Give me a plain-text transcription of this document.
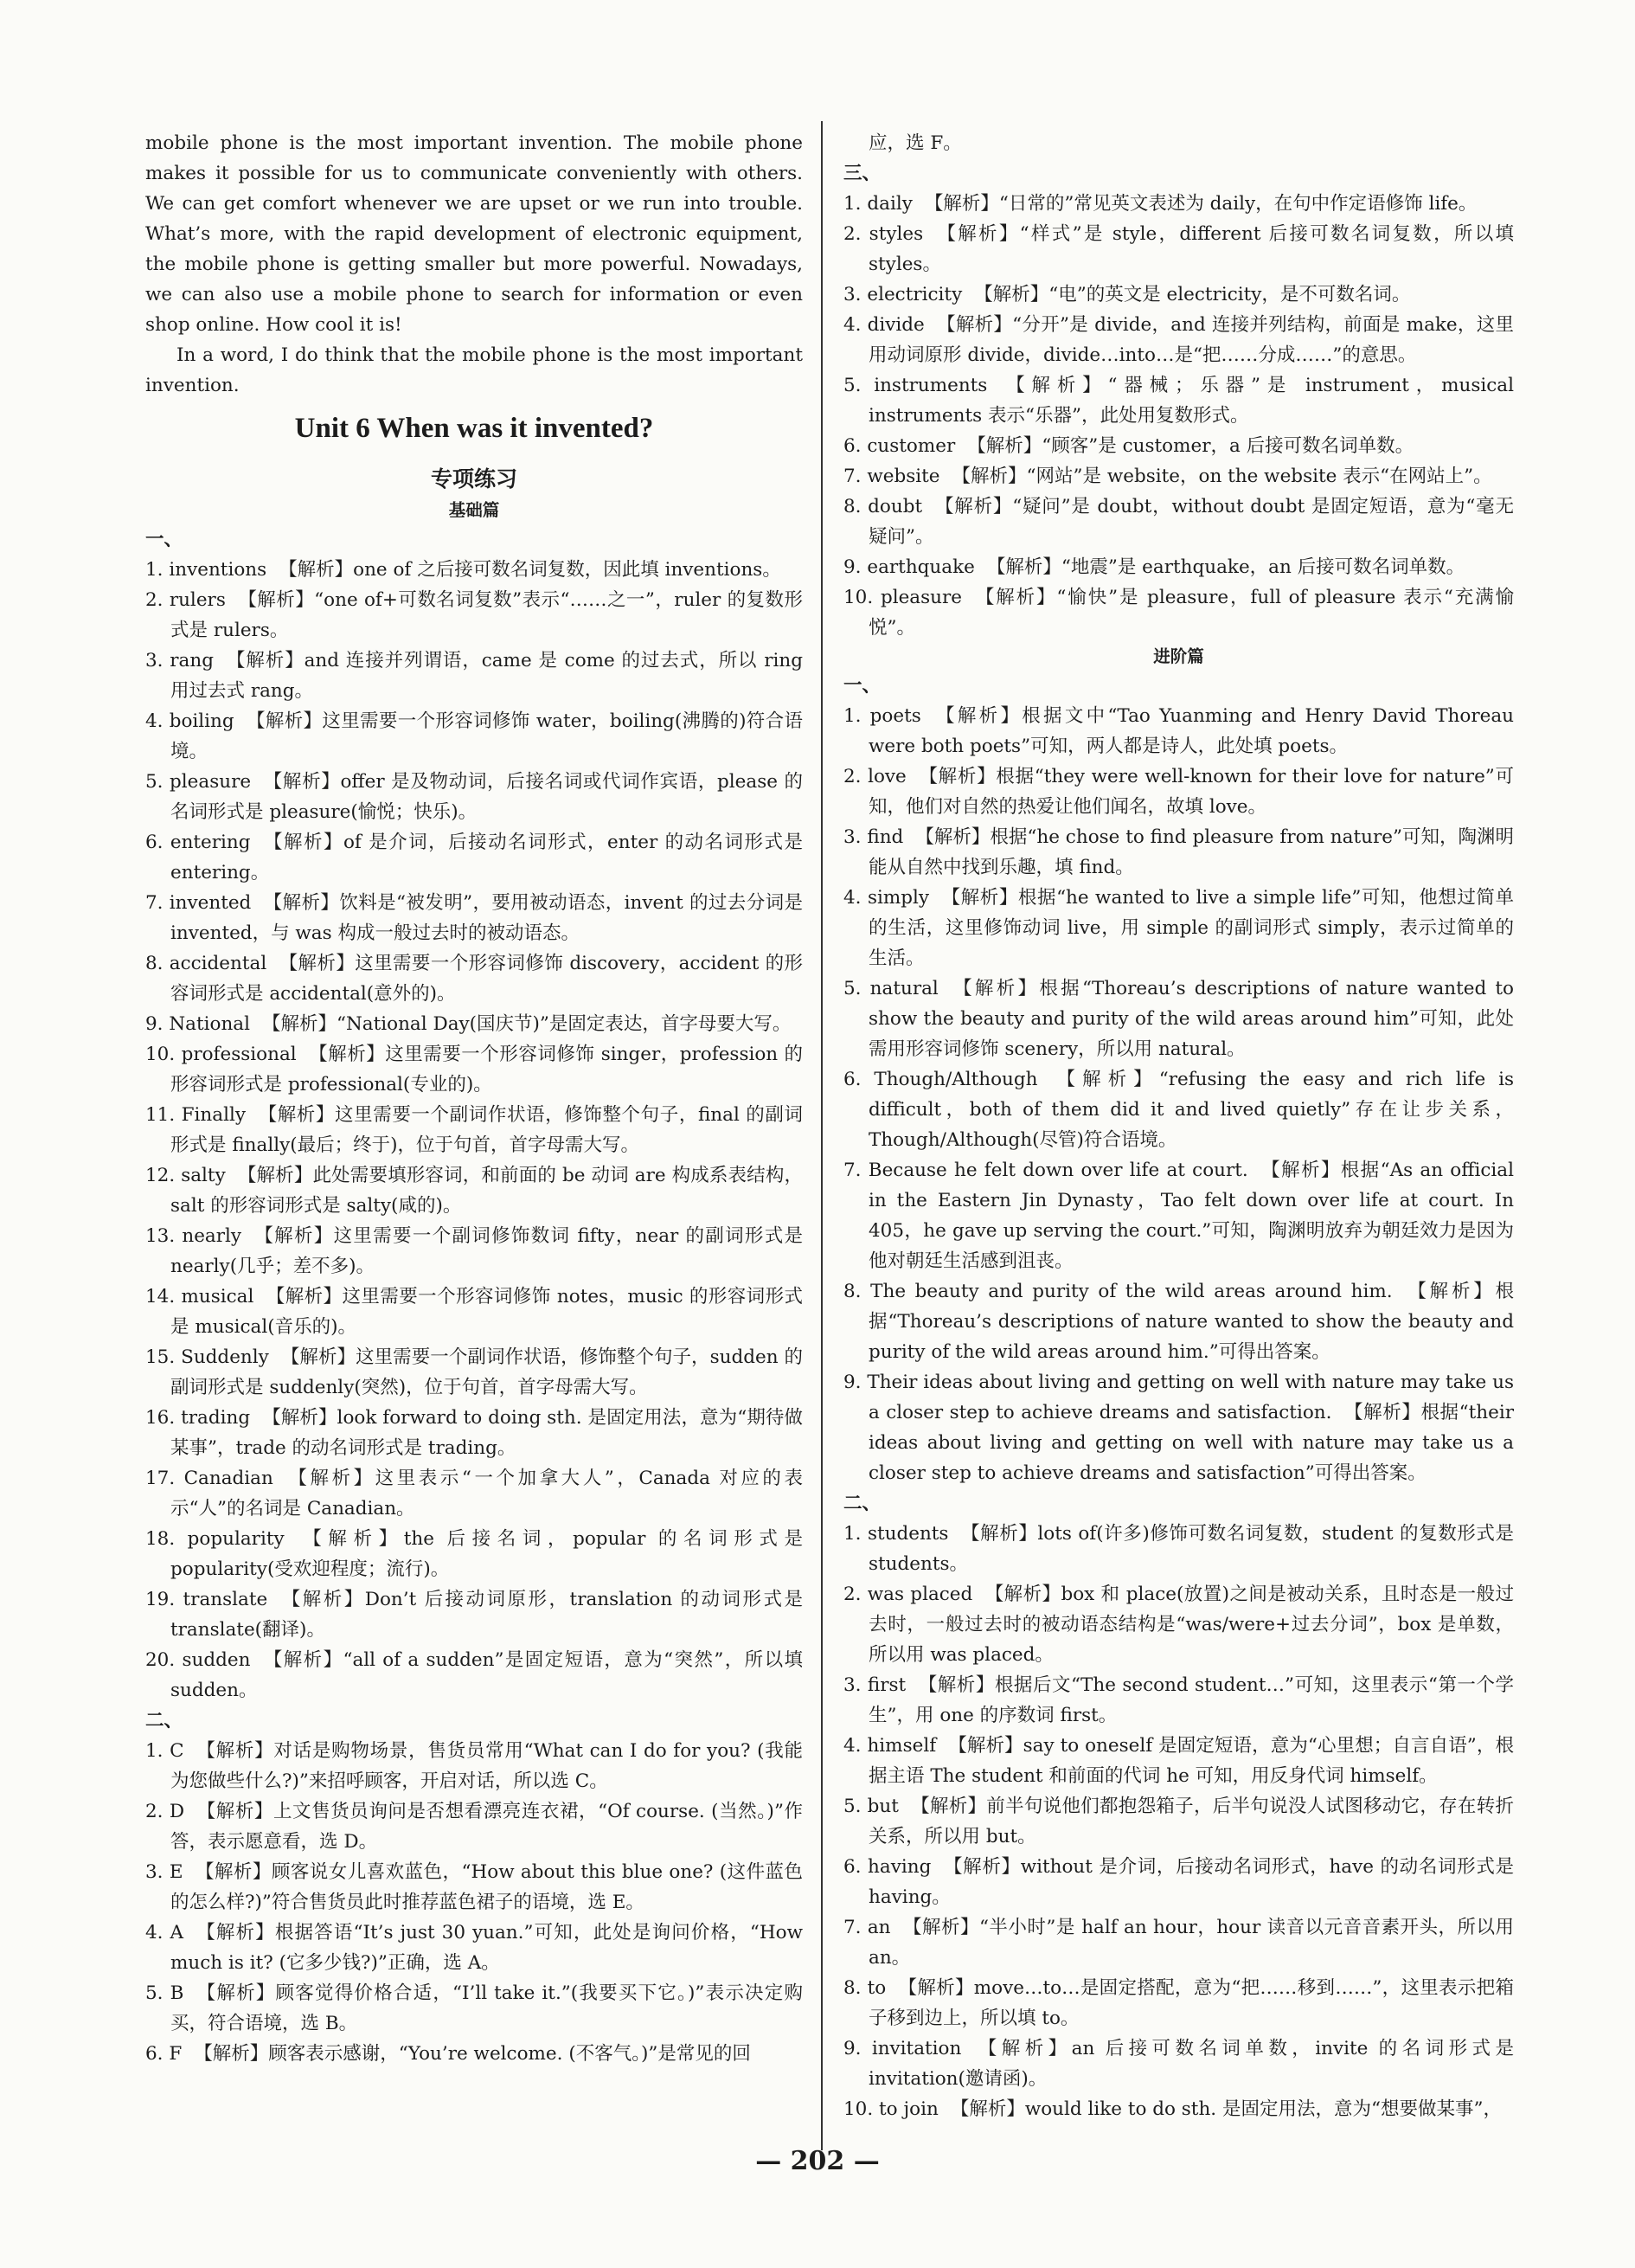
mobile phone is the most important invention. The mobile phone makes it possible for us to communicate conveniently with others. We can get comfort whenever we are upset or we run into trouble. What’s more, with the rapid development of electronic equipment, the mobile phone is getting smaller but more powerful. Nowadays, we can also use a mobile phone to search for information or even shop online. How cool it is!

In a word, I do think that the mobile phone is the most important invention.

Unit 6 When was it invented?
专项练习
基础篇
一、
1. inventions 【解析】one of 之后接可数名词复数，因此填 inventions。
2. rulers 【解析】“one of+可数名词复数”表示“……之一”，ruler 的复数形式是 rulers。
3. rang 【解析】and 连接并列谓语，came 是 come 的过去式，所以 ring 用过去式 rang。
4. boiling 【解析】这里需要一个形容词修饰 water，boiling(沸腾的)符合语境。
5. pleasure 【解析】offer 是及物动词，后接名词或代词作宾语，please 的名词形式是 pleasure(愉悦；快乐)。
6. entering 【解析】of 是介词，后接动名词形式，enter 的动名词形式是 entering。
7. invented 【解析】饮料是“被发明”，要用被动语态，invent 的过去分词是 invented，与 was 构成一般过去时的被动语态。
8. accidental 【解析】这里需要一个形容词修饰 discovery，accident 的形容词形式是 accidental(意外的)。
9. National 【解析】“National Day(国庆节)”是固定表达，首字母要大写。
10. professional 【解析】这里需要一个形容词修饰 singer，profession 的形容词形式是 professional(专业的)。
11. Finally 【解析】这里需要一个副词作状语，修饰整个句子，final 的副词形式是 finally(最后；终于)，位于句首，首字母需大写。
12. salty 【解析】此处需要填形容词，和前面的 be 动词 are 构成系表结构，salt 的形容词形式是 salty(咸的)。
13. nearly 【解析】这里需要一个副词修饰数词 fifty，near 的副词形式是 nearly(几乎；差不多)。
14. musical 【解析】这里需要一个形容词修饰 notes，music 的形容词形式是 musical(音乐的)。
15. Suddenly 【解析】这里需要一个副词作状语，修饰整个句子，sudden 的副词形式是 suddenly(突然)，位于句首，首字母需大写。
16. trading 【解析】look forward to doing sth. 是固定用法，意为“期待做某事”，trade 的动名词形式是 trading。
17. Canadian 【解析】这里表示“一个加拿大人”，Canada 对应的表示“人”的名词是 Canadian。
18. popularity 【解析】the 后接名词，popular 的名词形式是 popularity(受欢迎程度；流行)。
19. translate 【解析】Don’t 后接动词原形，translation 的动词形式是 translate(翻译)。
20. sudden 【解析】“all of a sudden”是固定短语，意为“突然”，所以填 sudden。
二、
1. C 【解析】对话是购物场景，售货员常用“What can I do for you? (我能为您做些什么?)”来招呼顾客，开启对话，所以选 C。
2. D 【解析】上文售货员询问是否想看漂亮连衣裙，“Of course. (当然。)”作答，表示愿意看，选 D。
3. E 【解析】顾客说女儿喜欢蓝色，“How about this blue one? (这件蓝色的怎么样?)”符合售货员此时推荐蓝色裙子的语境，选 E。
4. A 【解析】根据答语“It’s just 30 yuan.”可知，此处是询问价格，“How much is it? (它多少钱?)”正确，选 A。
5. B 【解析】顾客觉得价格合适，“I’ll take it.”(我要买下它。)”表示决定购买，符合语境，选 B。
6. F 【解析】顾客表示感谢，“You’re welcome. (不客气。)”是常见的回
应，选 F。
三、
1. daily 【解析】“日常的”常见英文表述为 daily，在句中作定语修饰 life。
2. styles 【解析】“样式”是 style，different 后接可数名词复数，所以填 styles。
3. electricity 【解析】“电”的英文是 electricity，是不可数名词。
4. divide 【解析】“分开”是 divide，and 连接并列结构，前面是 make，这里用动词原形 divide，divide…into…是“把……分成……”的意思。
5. instruments 【解析】“器械；乐器”是 instrument，musical instruments 表示“乐器”，此处用复数形式。
6. customer 【解析】“顾客”是 customer，a 后接可数名词单数。
7. website 【解析】“网站”是 website，on the website 表示“在网站上”。
8. doubt 【解析】“疑问”是 doubt，without doubt 是固定短语，意为“毫无疑问”。
9. earthquake 【解析】“地震”是 earthquake，an 后接可数名词单数。
10. pleasure 【解析】“愉快”是 pleasure，full of pleasure 表示“充满愉悦”。
进阶篇
一、
1. poets 【解析】根据文中“Tao Yuanming and Henry David Thoreau were both poets”可知，两人都是诗人，此处填 poets。
2. love 【解析】根据“they were well-known for their love for nature”可知，他们对自然的热爱让他们闻名，故填 love。
3. find 【解析】根据“he chose to find pleasure from nature”可知，陶渊明能从自然中找到乐趣，填 find。
4. simply 【解析】根据“he wanted to live a simple life”可知，他想过简单的生活，这里修饰动词 live，用 simple 的副词形式 simply，表示过简单的生活。
5. natural 【解析】根据“Thoreau’s descriptions of nature wanted to show the beauty and purity of the wild areas around him”可知，此处需用形容词修饰 scenery，所以用 natural。
6. Though/Although 【解析】“refusing the easy and rich life is difficult，both of them did it and lived quietly”存在让步关系，Though/Although(尽管)符合语境。
7. Because he felt down over life at court. 【解析】根据“As an official in the Eastern Jin Dynasty，Tao felt down over life at court. In 405，he gave up serving the court.”可知，陶渊明放弃为朝廷效力是因为他对朝廷生活感到沮丧。
8. The beauty and purity of the wild areas around him. 【解析】根据“Thoreau’s descriptions of nature wanted to show the beauty and purity of the wild areas around him.”可得出答案。
9. Their ideas about living and getting on well with nature may take us a closer step to achieve dreams and satisfaction. 【解析】根据“their ideas about living and getting on well with nature may take us a closer step to achieve dreams and satisfaction”可得出答案。
二、
1. students 【解析】lots of(许多)修饰可数名词复数，student 的复数形式是 students。
2. was placed 【解析】box 和 place(放置)之间是被动关系，且时态是一般过去时，一般过去时的被动语态结构是“was/were+过去分词”，box 是单数，所以用 was placed。
3. first 【解析】根据后文“The second student…”可知，这里表示“第一个学生”，用 one 的序数词 first。
4. himself 【解析】say to oneself 是固定短语，意为“心里想；自言自语”，根据主语 The student 和前面的代词 he 可知，用反身代词 himself。
5. but 【解析】前半句说他们都抱怨箱子，后半句说没人试图移动它，存在转折关系，所以用 but。
6. having 【解析】without 是介词，后接动名词形式，have 的动名词形式是 having。
7. an 【解析】“半小时”是 half an hour，hour 读音以元音音素开头，所以用 an。
8. to 【解析】move…to…是固定搭配，意为“把……移到……”，这里表示把箱子移到边上，所以填 to。
9. invitation 【解析】an 后接可数名词单数，invite 的名词形式是 invitation(邀请函)。
10. to join 【解析】would like to do sth. 是固定用法，意为“想要做某事”，
— 202 —
